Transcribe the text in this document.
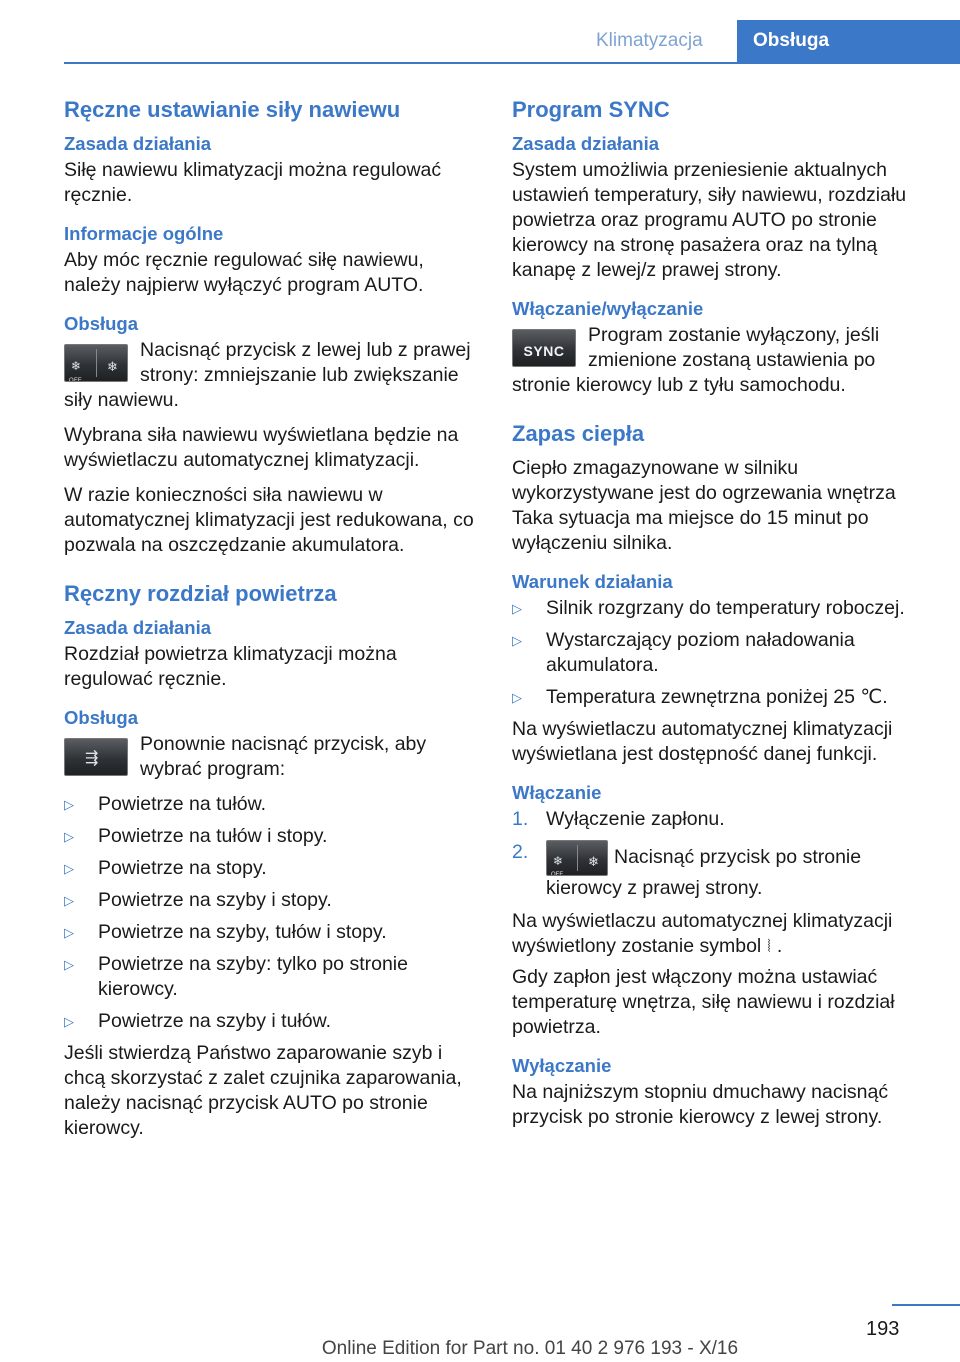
Klimatyzacja	Obsługa
Ręczne ustawianie siły nawiewu
Zasada działania

Siłę nawiewu klimatyzacji można regulować ręcznie.

Informacje ogólne

Aby móc ręcznie regulować siłę nawiewu, należy najpierw wyłączyć program AUTO.

Obsługa
❄ ❄
OFF
Nacisnąć przycisk z lewej lub z prawej strony: zmniejszanie lub zwiększanie siły nawiewu.

Wybrana siła nawiewu wyświetlana będzie na wyświetlaczu automatycznej klimatyzacji.

W razie konieczności siła nawiewu w automatycznej klimatyzacji jest redukowana, co pozwala na oszczędzanie akumulatora.

Ręczny rozdział powietrza
Zasada działania

Rozdział powietrza klimatyzacji można regulować ręcznie.

Obsługa
⇶
Ponownie nacisnąć przycisk, aby wybrać program:
▷ Powietrze na tułów.
▷ Powietrze na tułów i stopy.
▷ Powietrze na stopy.
▷ Powietrze na szyby i stopy.
▷ Powietrze na szyby, tułów i stopy.
▷ Powietrze na szyby: tylko po stronie kierowcy.
▷ Powietrze na szyby i tułów.

Jeśli stwierdzą Państwo zaparowanie szyb i chcą skorzystać z zalet czujnika zaparowania, należy nacisnąć przycisk AUTO po stronie kierowcy.

Program SYNC
Zasada działania

System umożliwia przeniesienie aktualnych ustawień temperatury, siły nawiewu, rozdziału powietrza oraz programu AUTO po stronie kierowcy na stronę pasażera oraz na tylną kanapę z lewej/z prawej strony.

Włączanie/wyłączanie
SYNC
Program zostanie wyłączony, jeśli zmienione zostaną ustawienia po stronie kierowcy lub z tyłu samochodu.
Zapas ciepła

Ciepło zmagazynowane w silniku wykorzystywane jest do ogrzewania wnętrza Taka sytuacja ma miejsce do 15 minut po wyłączeniu silnika.

Warunek działania
▷ Silnik rozgrzany do temperatury roboczej.
▷ Wystarczający poziom naładowania akumulatora.
▷ Temperatura zewnętrzna poniżej 25 ℃.

Na wyświetlaczu automatycznej klimatyzacji wyświetlana jest dostępność danej funkcji.

Włączanie
1. Wyłączenie zapłonu.
2. ❄ ❄
OFF
Nacisnąć przycisk po stronie kierowcy z prawej strony.

Na wyświetlaczu automatycznej klimatyzacji wyświetlony zostanie symbol ⦚ .

Gdy zapłon jest włączony można ustawiać temperaturę wnętrza, siłę nawiewu i rozdział powietrza.

Wyłączanie

Na najniższym stopniu dmuchawy nacisnąć przycisk po stronie kierowcy z lewej strony.

193
Online Edition for Part no. 01 40 2 976 193 - X/16
